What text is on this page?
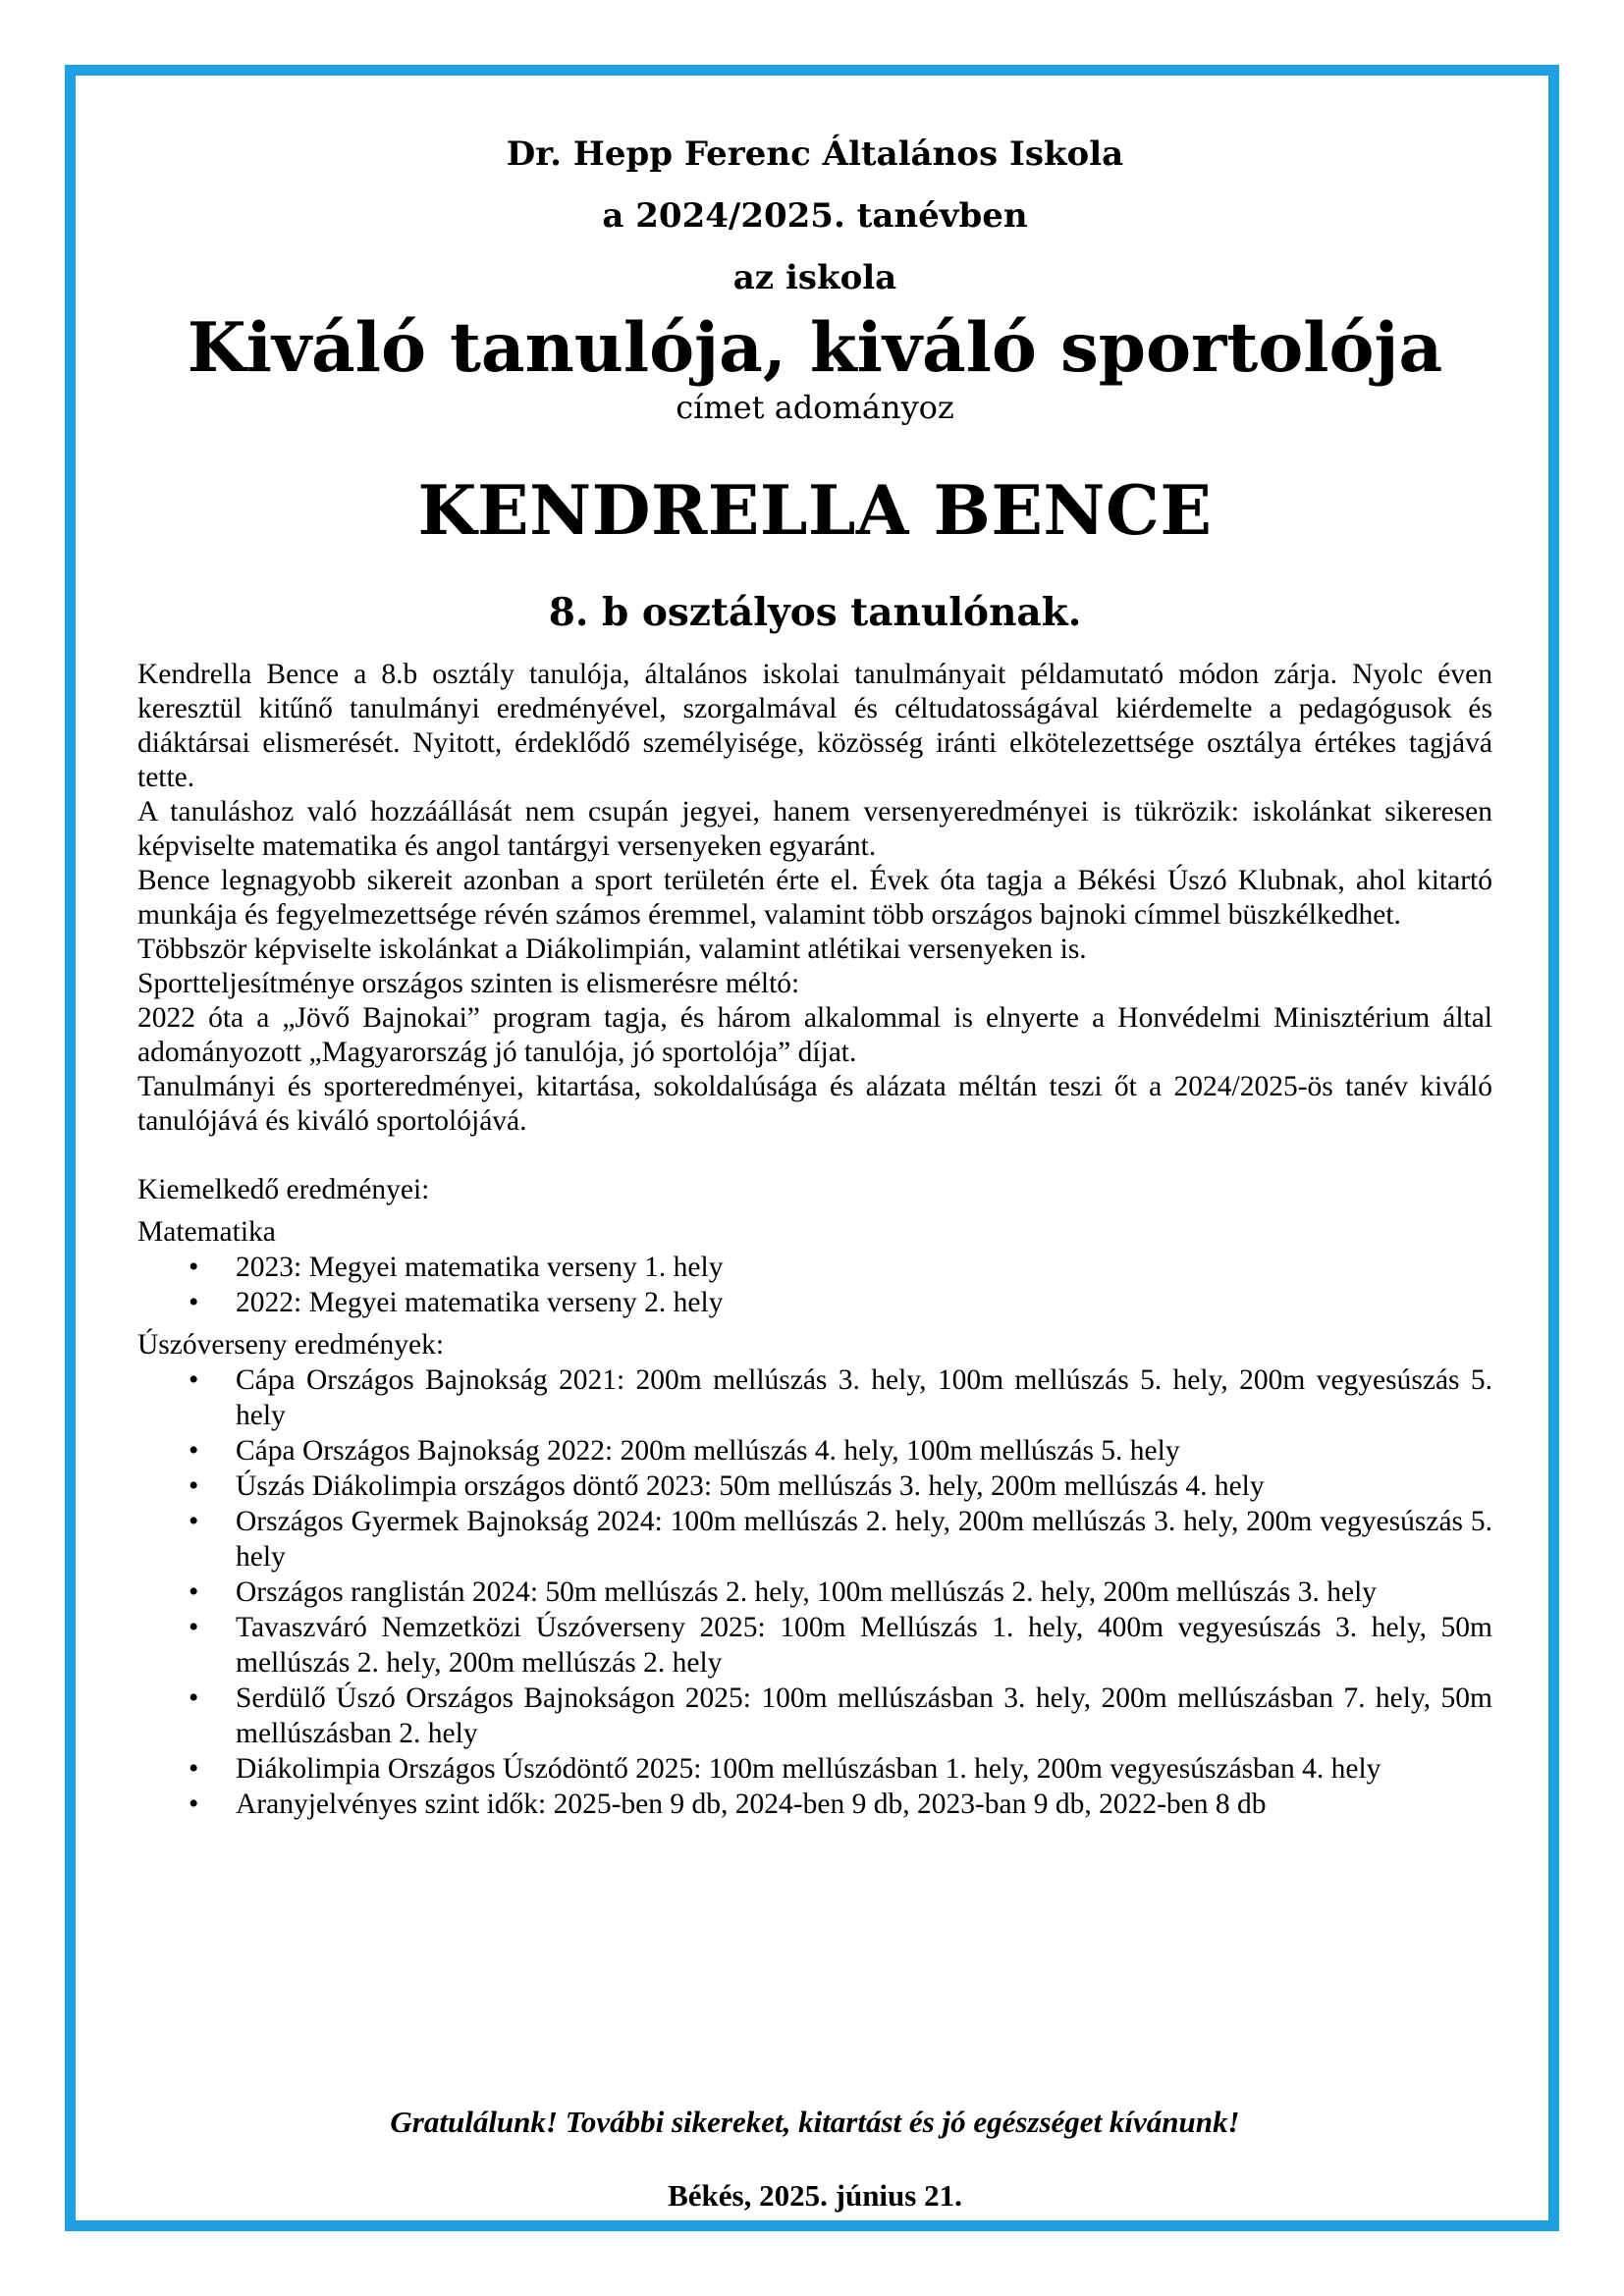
Dr. Hepp Ferenc Általános Iskola
a 2024/2025. tanévben
az iskola
Kiváló tanulója, kiváló sportolója
címet adományoz
KENDRELLA BENCE
8. b osztályos tanulónak.

Kendrella Bence a 8.b osztály tanulója, általános iskolai tanulmányait példamutató módon zárja. Nyolc éven keresztül kitűnő tanulmányi eredményével, szorgalmával és céltudatosságával kiérdemelte a pedagógusok és diáktársai elismerését. Nyitott, érdeklődő személyisége, közösség iránti elkötelezettsége osztálya értékes tagjává tette.

A tanuláshoz való hozzáállását nem csupán jegyei, hanem versenyeredményei is tükrözik: iskolánkat sikeresen képviselte matematika és angol tantárgyi versenyeken egyaránt.

Bence legnagyobb sikereit azonban a sport területén érte el. Évek óta tagja a Békési Úszó Klubnak, ahol kitartó munkája és fegyelmezettsége révén számos éremmel, valamint több országos bajnoki címmel büszkélkedhet.

Többször képviselte iskolánkat a Diákolimpián, valamint atlétikai versenyeken is.

Sportteljesítménye országos szinten is elismerésre méltó:

2022 óta a „Jövő Bajnokai” program tagja, és három alkalommal is elnyerte a Honvédelmi Minisztérium által adományozott „Magyarország jó tanulója, jó sportolója” díjat.

Tanulmányi és sporteredményei, kitartása, sokoldalúsága és alázata méltán teszi őt a 2024/2025-ös tanév kiváló tanulójává és kiváló sportolójává.

Kiemelkedő eredményei:

Matematika

• 2023: Megyei matematika verseny 1. hely
• 2022: Megyei matematika verseny 2. hely

Úszóverseny eredmények:

• Cápa Országos Bajnokság 2021: 200m mellúszás 3. hely, 100m mellúszás 5. hely, 200m vegyesúszás 5. hely
• Cápa Országos Bajnokság 2022: 200m mellúszás 4. hely, 100m mellúszás 5. hely
• Úszás Diákolimpia országos döntő 2023: 50m mellúszás 3. hely, 200m mellúszás 4. hely
• Országos Gyermek Bajnokság 2024: 100m mellúszás 2. hely, 200m mellúszás 3. hely, 200m vegyesúszás 5. hely
• Országos ranglistán 2024: 50m mellúszás 2. hely, 100m mellúszás 2. hely, 200m mellúszás 3. hely
• Tavaszváró Nemzetközi Úszóverseny 2025: 100m Mellúszás 1. hely, 400m vegyesúszás 3. hely, 50m mellúszás 2. hely, 200m mellúszás 2. hely
• Serdülő Úszó Országos Bajnokságon 2025: 100m mellúszásban 3. hely, 200m mellúszásban 7. hely, 50m mellúszásban 2. hely
• Diákolimpia Országos Úszódöntő 2025: 100m mellúszásban 1. hely, 200m vegyesúszásban 4. hely
• Aranyjelvényes szint idők: 2025-ben 9 db, 2024-ben 9 db, 2023-ban 9 db, 2022-ben 8 db
Gratulálunk! További sikereket, kitartást és jó egészséget kívánunk!
Békés, 2025. június 21.
